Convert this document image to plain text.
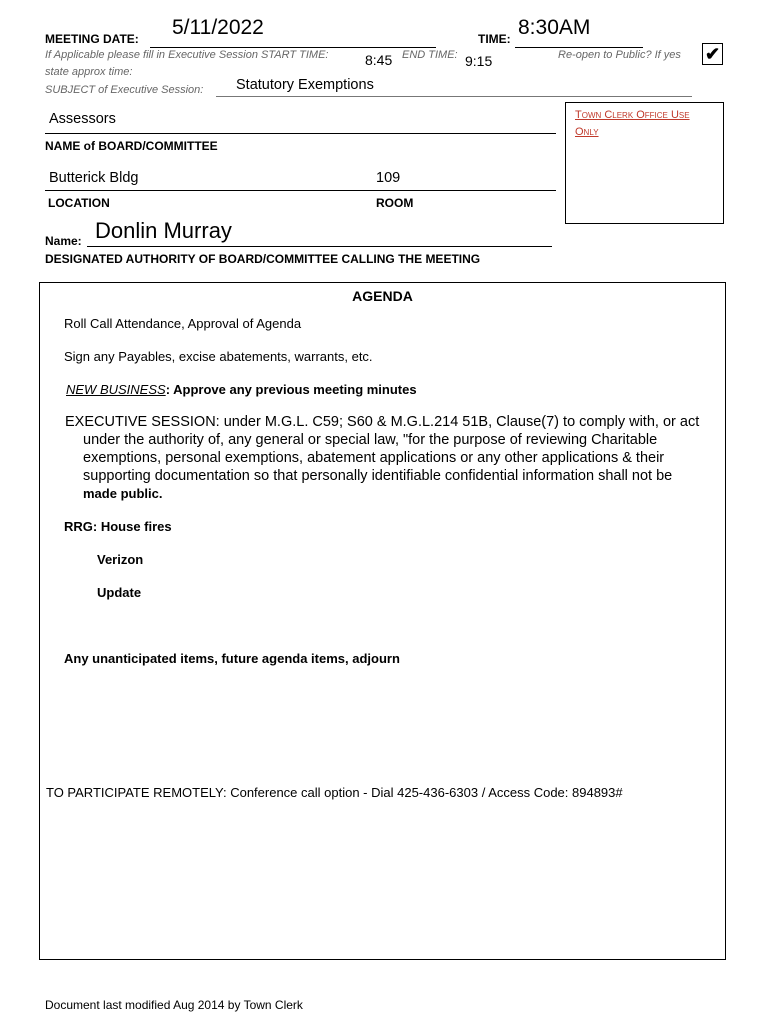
MEETING DATE: 5/11/2022	TIME: 8:30AM
If Applicable please fill in Executive Session START TIME:	8:45 END TIME: 9:15	Re-open to Public? If yes ✔
state approx time:
SUBJECT of Executive Session: Statutory Exemptions
Assessors
NAME of BOARD/COMMITTEE
Butterick Bldg	109
LOCATION	ROOM
Name: Donlin Murray
DESIGNATED AUTHORITY OF BOARD/COMMITTEE CALLING THE MEETING
Town Clerk Office Use Only
AGENDA
Roll Call Attendance, Approval of Agenda
Sign any Payables, excise abatements, warrants, etc.
NEW BUSINESS: Approve any previous meeting minutes
EXECUTIVE SESSION: under M.G.L. C59; S60 & M.G.L.214 51B, Clause(7) to comply with, or act under the authority of, any general or special law, "for the purpose of reviewing Charitable exemptions, personal exemptions, abatement applications or any other applications & their supporting documentation so that personally identifiable confidential information shall not be
made public.
RRG: House fires
Verizon
Update
Any unanticipated items, future agenda items, adjourn
TO PARTICIPATE REMOTELY: Conference call option - Dial 425-436-6303 / Access Code: 894893#
Document last modified Aug 2014 by Town Clerk
